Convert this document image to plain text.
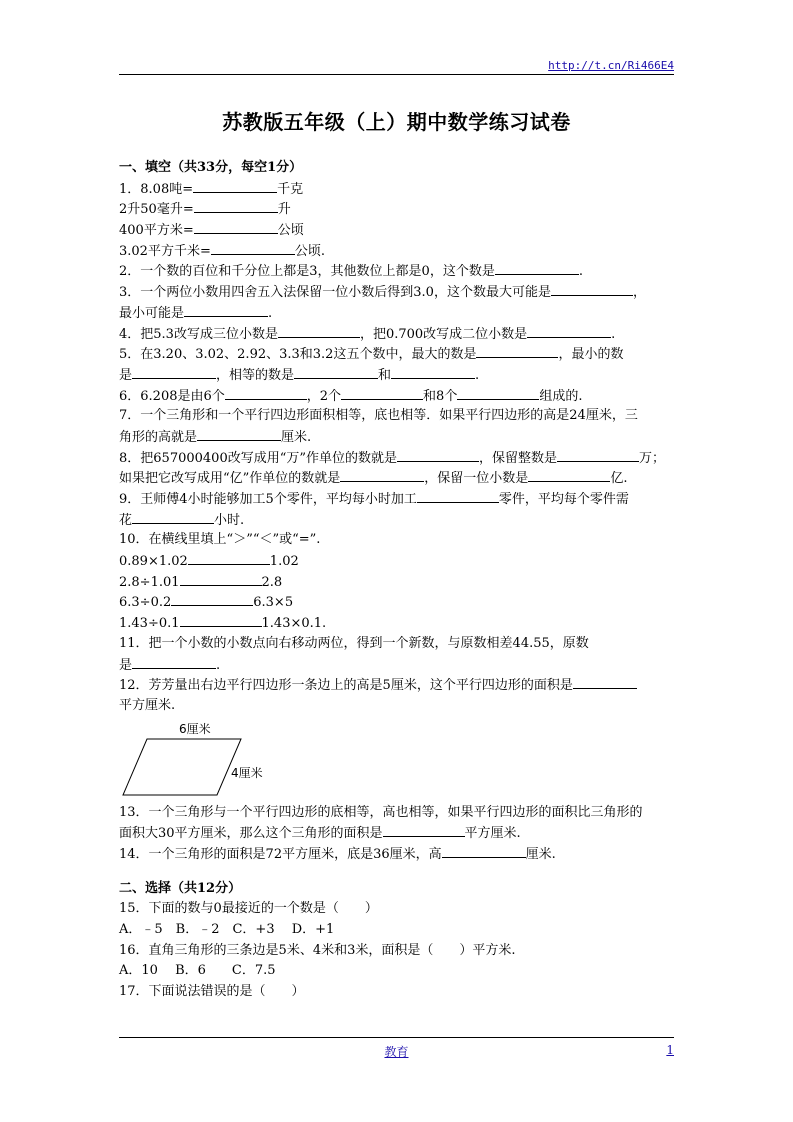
http://t.cn/Ri466E4
苏教版五年级（上）期中数学练习试卷
一、填空（共33分，每空1分）
1．8.08吨=	千克
2升50毫升=	升
400平方米=	公顷
3.02平方千米=	公顷.
2．一个数的百位和千分位上都是3，其他数位上都是0，这个数是	.
3．一个两位小数用四舍五入法保留一位小数后得到3.0，这个数最大可能是	，
最小可能是	.
4．把5.3改写成三位小数是	，把0.700改写成二位小数是	.
5．在3.20、3.02、2.92、3.3和3.2这五个数中，最大的数是	，最小的数
是	，相等的数是	和	.
6．6.208是由6个	，2个	和8个	组成的.
7．一个三角形和一个平行四边形面积相等，底也相等．如果平行四边形的高是24厘米，三
角形的高就是	厘米.
8．把657000400改写成用“万”作单位的数就是	，保留整数是	万；
如果把它改写成用“亿”作单位的数就是	，保留一位小数是	亿.
9．王师傅4小时能够加工5个零件，平均每小时加工	零件，平均每个零件需
花	小时.
10．在横线里填上“＞”“＜”或“=”.
0.89×1.02	1.02
2.8÷1.01	2.8
6.3÷0.2	6.3×5
1.43÷0.1	1.43×0.1.
11．把一个小数的小数点向右移动两位，得到一个新数，与原数相差44.55，原数
是	.
12．芳芳量出右边平行四边形一条边上的高是5厘米，这个平行四边形的面积是
平方厘米.
6厘米
4厘米
13．一个三角形与一个平行四边形的底相等，高也相等，如果平行四边形的面积比三角形的
面积大30平方厘米，那么这个三角形的面积是	平方厘米.
14．一个三角形的面积是72平方厘米，底是36厘米，高	厘米.
二、选择（共12分）
15．下面的数与0最接近的一个数是（　　）
A．﹣5　B．﹣2　C．+3　 D．+1
16．直角三角形的三条边是5米、4米和3米，面积是（　　）平方米.
A．10　 B．6　　C．7.5
17．下面说法错误的是（　　）
教育	1
